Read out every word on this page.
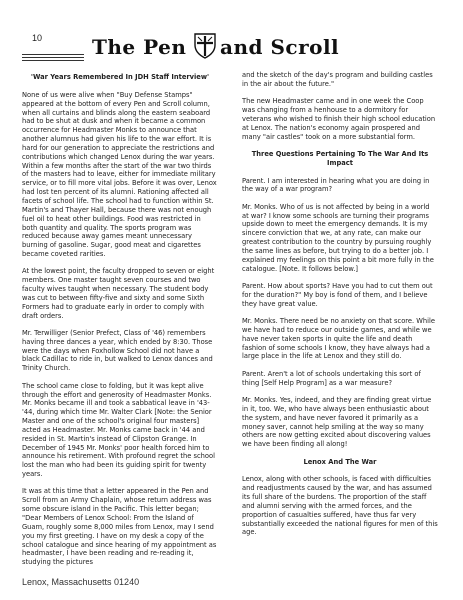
10 The Pen and Scroll
'War Years Remembered In JDH Staff Interview'

None of us were alive when "Buy Defense Stamps" appeared at the bottom of every Pen and Scroll column, when all curtains and blinds along the eastern seaboard had to be shut at dusk and when it became a common occurrence for Headmaster Monks to announce that another alumnus had given his life to the war effort. It is hard for our generation to appreciate the restrictions and contributions which changed Lenox during the war years. Within a few months after the start of the war two thirds of the masters had to leave, either for immediate military service, or to fill more vital jobs. Before it was over, Lenox had lost ten percent of its alumni. Rationing affected all facets of school life. The school had to function within St. Martin's and Thayer Hall, because there was not enough fuel oil to heat other buildings. Food was restricted in both quantity and quality. The sports program was reduced because away games meant unnecessary burning of gasoline. Sugar, good meat and cigarettes became coveted rarities.

At the lowest point, the faculty dropped to seven or eight members. One master taught seven courses and two faculty wives taught when necessary. The student body was cut to between fifty-five and sixty and some Sixth Formers had to graduate early in order to comply with draft orders.

Mr. Terwilliger (Senior Prefect, Class of '46) remembers having three dances a year, which ended by 8:30. Those were the days when Foxhollow School did not have a black Cadillac to ride in, but walked to Lenox dances and Trinity Church.

The school came close to folding, but it was kept alive through the effort and generosity of Headmaster Monks. Mr. Monks became ill and took a sabbatical leave in '43-'44, during which time Mr. Walter Clark [Note: the Senior Master and one of the school's original four masters] acted as Headmaster. Mr. Monks came back in '44 and resided in St. Martin's instead of Clipston Grange. In December of 1945 Mr. Monks' poor health forced him to announce his retirement. With profound regret the school lost the man who had been its guiding spirit for twenty years.

It was at this time that a letter appeared in the Pen and Scroll from an Army Chaplain, whose return address was some obscure island in the Pacific. This letter began; "Dear Members of Lenox School: From the Island of Guam, roughly some 8,000 miles from Lenox, may I send you my first greeting. I have on my desk a copy of the school catalogue and since hearing of my appointment as headmaster, I have been reading and re-reading it, studying the pictures

and the sketch of the day's program and building castles in the air about the future."

The new Headmaster came and in one week the Coop was changing from a henhouse to a dormitory for veterans who wished to finish their high school education at Lenox. The nation's economy again prospered and many "air castles" took on a more substantial form.

Three Questions Pertaining To The War And Its Impact

Parent. I am interested in hearing what you are doing in the way of a war program?

Mr. Monks. Who of us is not affected by being in a world at war? I know some schools are turning their programs upside down to meet the emergency demands. It is my sincere conviction that we, at any rate, can make our greatest contribution to the country by pursuing roughly the same lines as before, but trying to do a better job. I explained my feelings on this point a bit more fully in the catalogue. [Note. It follows below.]

Parent. How about sports? Have you had to cut them out for the duration?" My boy is fond of them, and I believe they have great value.

Mr. Monks. There need be no anxiety on that score. While we have had to reduce our outside games, and while we have never taken sports in quite the life and death fashion of some schools I know, they have always had a large place in the life at Lenox and they still do.

Parent. Aren't a lot of schools undertaking this sort of thing [Self Help Program] as a war measure?

Mr. Monks. Yes, indeed, and they are finding great virtue in it, too. We, who have always been enthusiastic about the system, and have never favored it primarily as a money saver, cannot help smiling at the way so many others are now getting excited about discovering values we have been finding all along!

Lenox And The War

Lenox, along with other schools, is faced with difficulties and readjustments caused by the war, and has assumed its full share of the burdens. The proportion of the staff and alumni serving with the armed forces, and the proportion of casualties suffered, have thus far very substantially exceeded the national figures for men of this age.

Lenox, Massachusetts 01240
